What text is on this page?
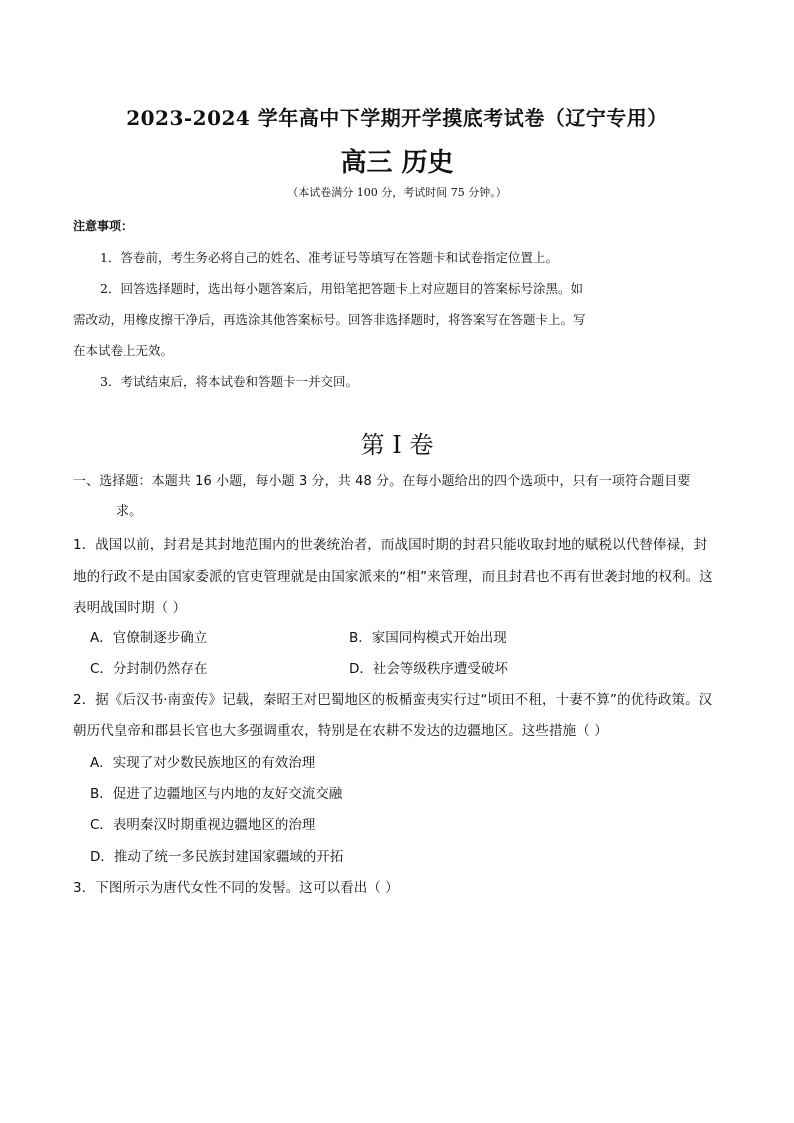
2023-2024 学年高中下学期开学摸底考试卷（辽宁专用）
高三 历史
（本试卷满分 100 分，考试时间 75 分钟。）
注意事项：
1．答卷前，考生务必将自己的姓名、准考证号等填写在答题卡和试卷指定位置上。
2．回答选择题时，选出每小题答案后，用铅笔把答题卡上对应题目的答案标号涂黑。如
需改动，用橡皮擦干净后，再选涂其他答案标号。回答非选择题时，将答案写在答题卡上。写
在本试卷上无效。
3．考试结束后，将本试卷和答题卡一并交回。
第 I 卷
一、选择题：本题共 16 小题，每小题 3 分，共 48 分。在每小题给出的四个选项中，只有一项符合题目要
求。
1．战国以前，封君是其封地范围内的世袭统治者，而战国时期的封君只能收取封地的赋税以代替俸禄，封
地的行政不是由国家委派的官吏管理就是由国家派来的“相”来管理，而且封君也不再有世袭封地的权利。这
表明战国时期（ ）
A．官僚制逐步确立	B．家国同构模式开始出现
C．分封制仍然存在	D．社会等级秩序遭受破坏
2．据《后汉书·南蛮传》记载，秦昭王对巴蜀地区的板楯蛮夷实行过“顷田不租，十妻不算”的优待政策。汉
朝历代皇帝和郡县长官也大多强调重农，特别是在农耕不发达的边疆地区。这些措施（ ）
A．实现了对少数民族地区的有效治理
B．促进了边疆地区与内地的友好交流交融
C．表明秦汉时期重视边疆地区的治理
D．推动了统一多民族封建国家疆域的开拓
3．下图所示为唐代女性不同的发髻。这可以看出（ ）
